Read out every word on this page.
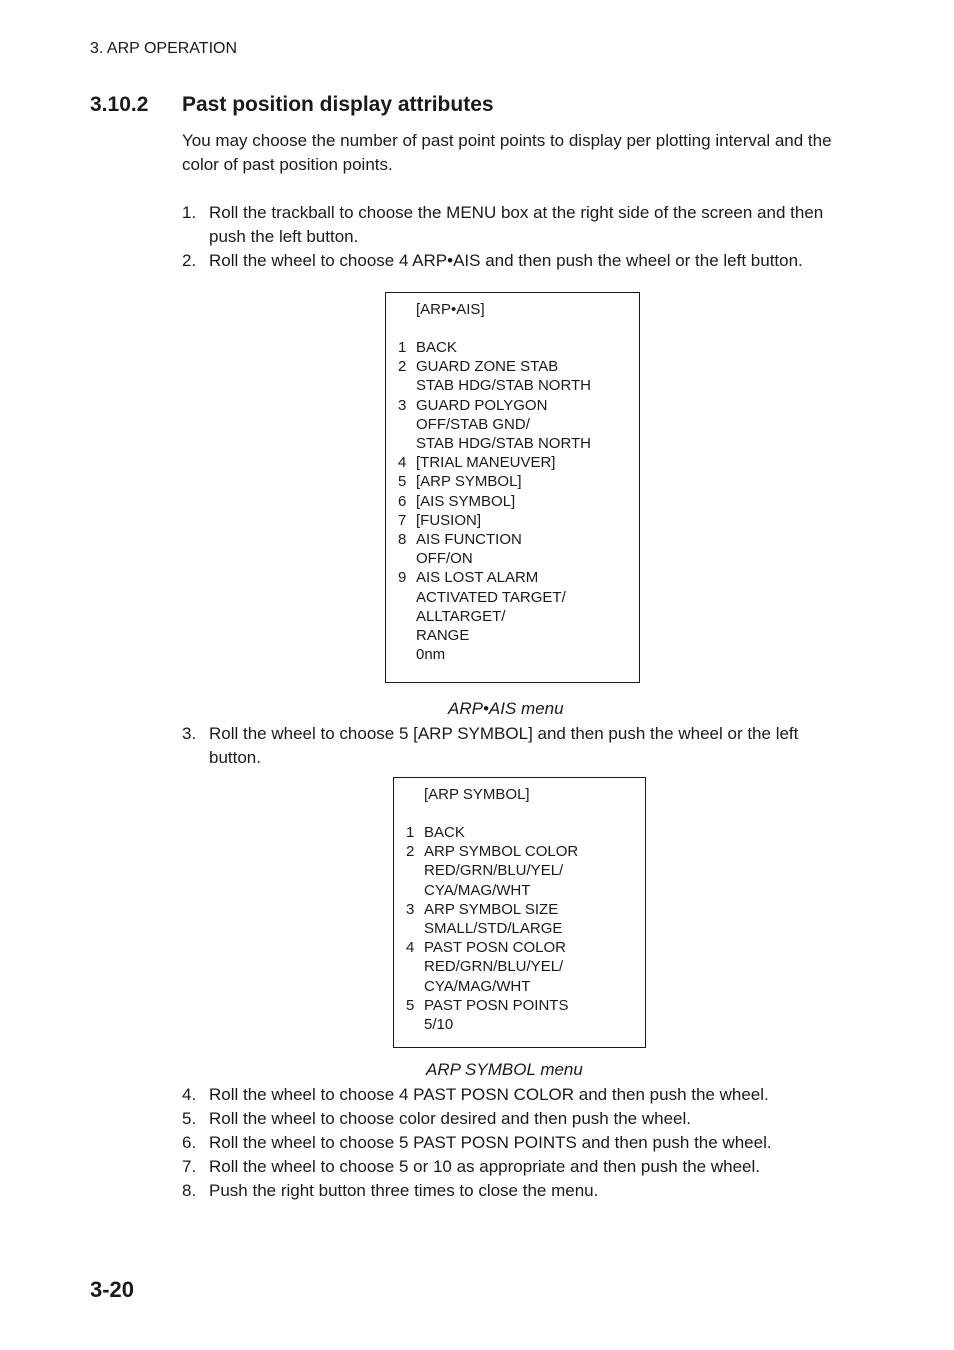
3. ARP OPERATION
3.10.2 Past position display attributes
You may choose the number of past point points to display per plotting interval and the color of past position points.
1. Roll the trackball to choose the MENU box at the right side of the screen and then push the left button.
2. Roll the wheel to choose 4 ARP•AIS and then push the wheel or the left button.
[ARP•AIS]
1 BACK
2 GUARD ZONE STAB
STAB HDG/STAB NORTH
3 GUARD POLYGON
OFF/STAB GND/
STAB HDG/STAB NORTH
4 [TRIAL MANEUVER]
5 [ARP SYMBOL]
6 [AIS SYMBOL]
7 [FUSION]
8 AIS FUNCTION
OFF/ON
9 AIS LOST ALARM
ACTIVATED TARGET/
ALLTARGET/
RANGE
0nm
ARP•AIS menu
3. Roll the wheel to choose 5 [ARP SYMBOL] and then push the wheel or the left button.
[ARP SYMBOL]
1 BACK
2 ARP SYMBOL COLOR
RED/GRN/BLU/YEL/
CYA/MAG/WHT
3 ARP SYMBOL SIZE
SMALL/STD/LARGE
4 PAST POSN COLOR
RED/GRN/BLU/YEL/
CYA/MAG/WHT
5 PAST POSN POINTS
5/10
ARP SYMBOL menu
4. Roll the wheel to choose 4 PAST POSN COLOR and then push the wheel.
5. Roll the wheel to choose color desired and then push the wheel.
6. Roll the wheel to choose 5 PAST POSN POINTS and then push the wheel.
7. Roll the wheel to choose 5 or 10 as appropriate and then push the wheel.
8. Push the right button three times to close the menu.
3-20
